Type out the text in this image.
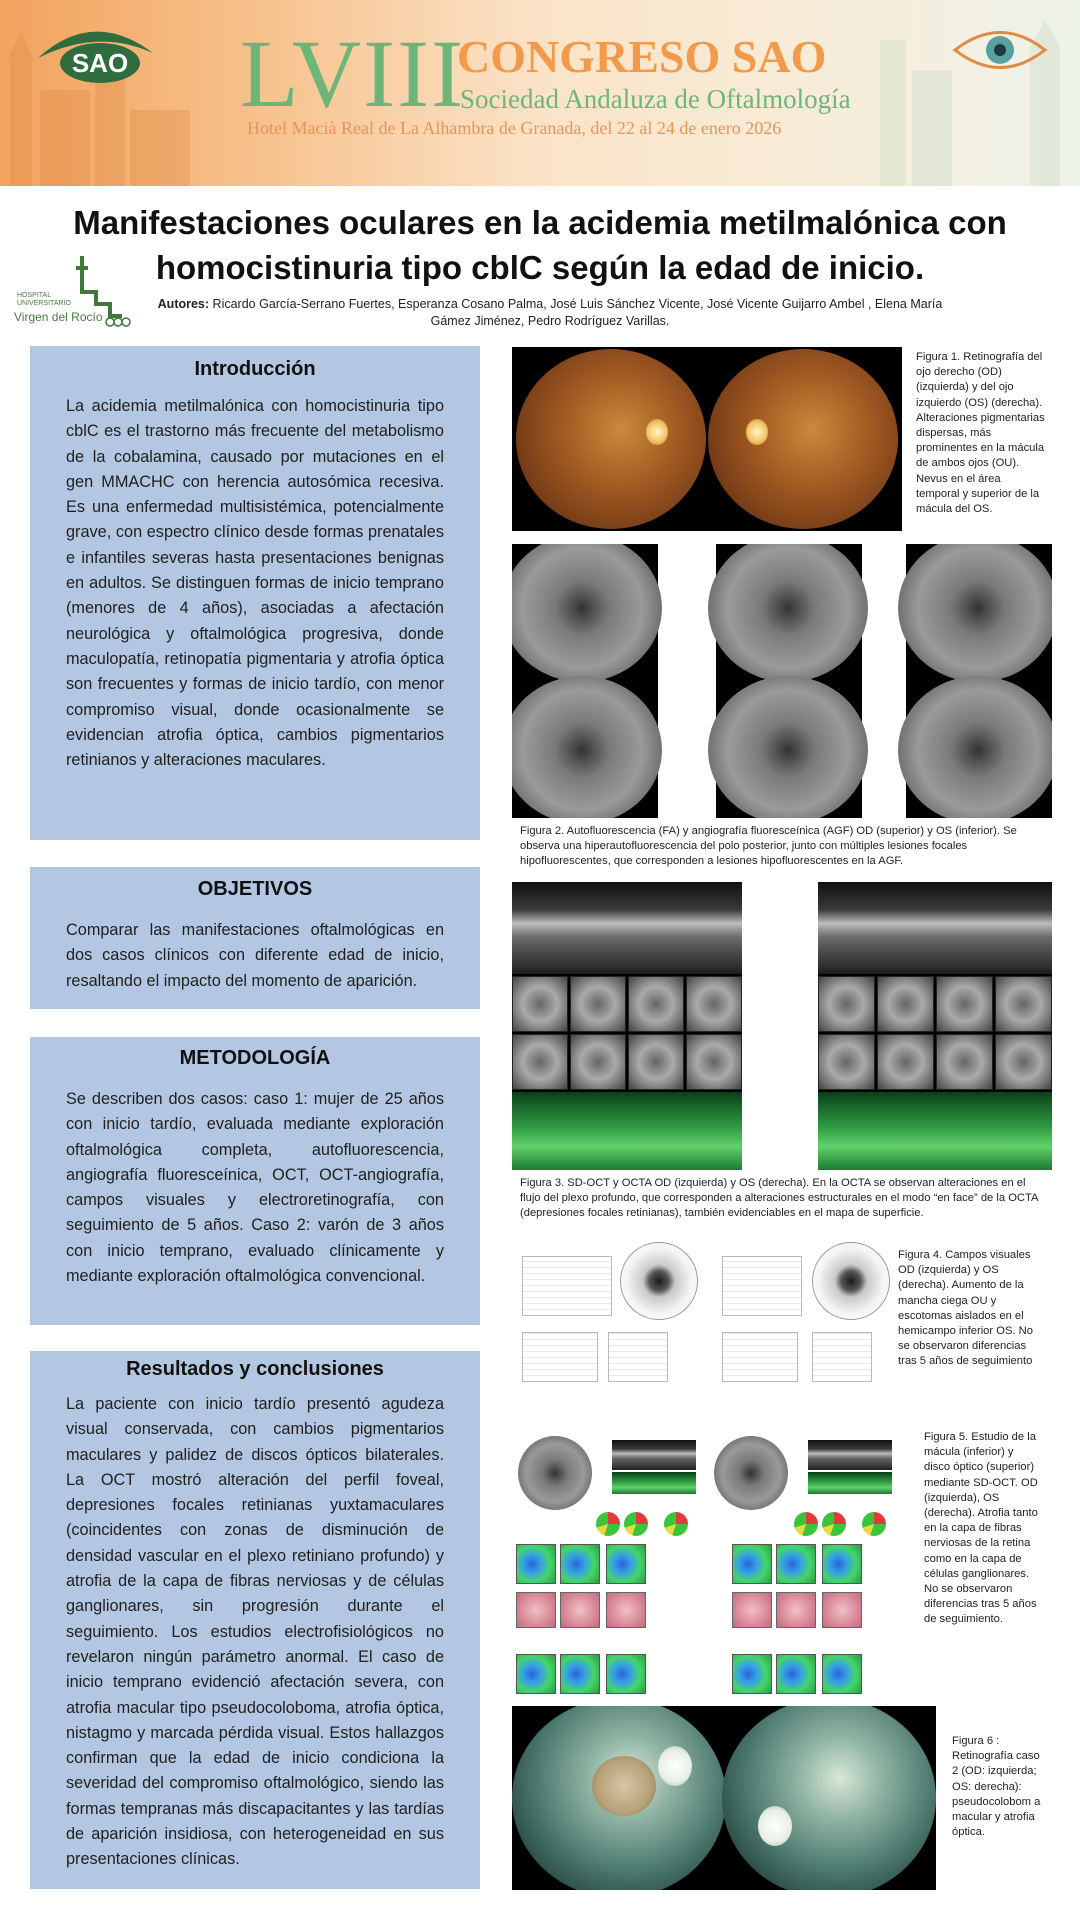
SAO LVIII
CONGRESO SAO
Sociedad Andaluza de Oftalmología
Hotel Macià Real de La Alhambra de Granada, del 22 al 24 de enero 2026
Manifestaciones oculares en la acidemia metilmalónica con homocistinuria tipo cblC según la edad de inicio.
HOSPITAL UNIVERSITARIO
Virgen del Rocío
Autores: Ricardo García-Serrano Fuertes, Esperanza Cosano Palma, José Luis Sánchez Vicente, José Vicente Guijarro Ambel , Elena María Gámez Jiménez, Pedro Rodríguez Varillas.
Introducción

La acidemia metilmalónica con homocistinuria tipo cblC es el trastorno más frecuente del metabolismo de la cobalamina, causado por mutaciones en el gen MMACHC con herencia autosómica recesiva. Es una enfermedad multisistémica, potencialmente grave, con espectro clínico desde formas prenatales e infantiles severas hasta presentaciones benignas en adultos. Se distinguen formas de inicio temprano (menores de 4 años), asociadas a afectación neurológica y oftalmológica progresiva, donde maculopatía, retinopatía pigmentaria y atrofia óptica son frecuentes y formas de inicio tardío, con menor compromiso visual, donde ocasionalmente se evidencian atrofia óptica, cambios pigmentarios retinianos y alteraciones maculares.

OBJETIVOS

Comparar las manifestaciones oftalmológicas en dos casos clínicos con diferente edad de inicio, resaltando el impacto del momento de aparición.

METODOLOGÍA

Se describen dos casos: caso 1: mujer de 25 años con inicio tardío, evaluada mediante exploración oftalmológica completa, autofluorescencia, angiografía fluoresceínica, OCT, OCT-angiografía, campos visuales y electroretinografía, con seguimiento de 5 años. Caso 2: varón de 3 años con inicio temprano, evaluado clínicamente y mediante exploración oftalmológica convencional.

Resultados y conclusiones

La paciente con inicio tardío presentó agudeza visual conservada, con cambios pigmentarios maculares y palidez de discos ópticos bilaterales. La OCT mostró alteración del perfil foveal, depresiones focales retinianas yuxtamaculares (coincidentes con zonas de disminución de densidad vascular en el plexo retiniano profundo) y atrofia de la capa de fibras nerviosas y de células ganglionares, sin progresión durante el seguimiento. Los estudios electrofisiológicos no revelaron ningún parámetro anormal. El caso de inicio temprano evidenció afectación severa, con atrofia macular tipo pseudocoloboma, atrofia óptica, nistagmo y marcada pérdida visual. Estos hallazgos confirman que la edad de inicio condiciona la severidad del compromiso oftalmológico, siendo las formas tempranas más discapacitantes y las tardías de aparición insidiosa, con heterogeneidad en sus presentaciones clínicas.

Figura 1. Retinografía del ojo derecho (OD) (izquierda) y del ojo izquierdo (OS) (derecha). Alteraciones pigmentarias dispersas, más prominentes en la mácula de ambos ojos (OU). Nevus en el área temporal y superior de la mácula del OS.
Figura 2. Autofluorescencia (FA) y angiografía fluoresceínica (AGF) OD (superior) y OS (inferior). Se observa una hiperautofluorescencia del polo posterior, junto con múltiples lesiones focales hipofluorescentes, que corresponden a lesiones hipofluorescentes en la AGF.
Figura 3. SD-OCT y OCTA OD (izquierda) y OS (derecha). En la OCTA se observan alteraciones en el flujo del plexo profundo, que corresponden a alteraciones estructurales en el modo “en face” de la OCTA (depresiones focales retinianas), también evidenciables en el mapa de superficie.
Figura 4. Campos visuales OD (izquierda) y OS (derecha). Aumento de la mancha ciega OU y escotomas aislados en el hemicampo inferior OS. No se observaron diferencias tras 5 años de seguimiento
Figura 5. Estudio de la mácula (inferior) y disco óptico (superior) mediante SD-OCT. OD (izquierda), OS (derecha). Atrofia tanto en la capa de fibras nerviosas de la retina como en la capa de células ganglionares. No se observaron diferencias tras 5 años de seguimiento.
Figura 6 : Retinografía caso 2 (OD: izquierda; OS: derecha): pseudocolobom a macular y atrofia óptica.
